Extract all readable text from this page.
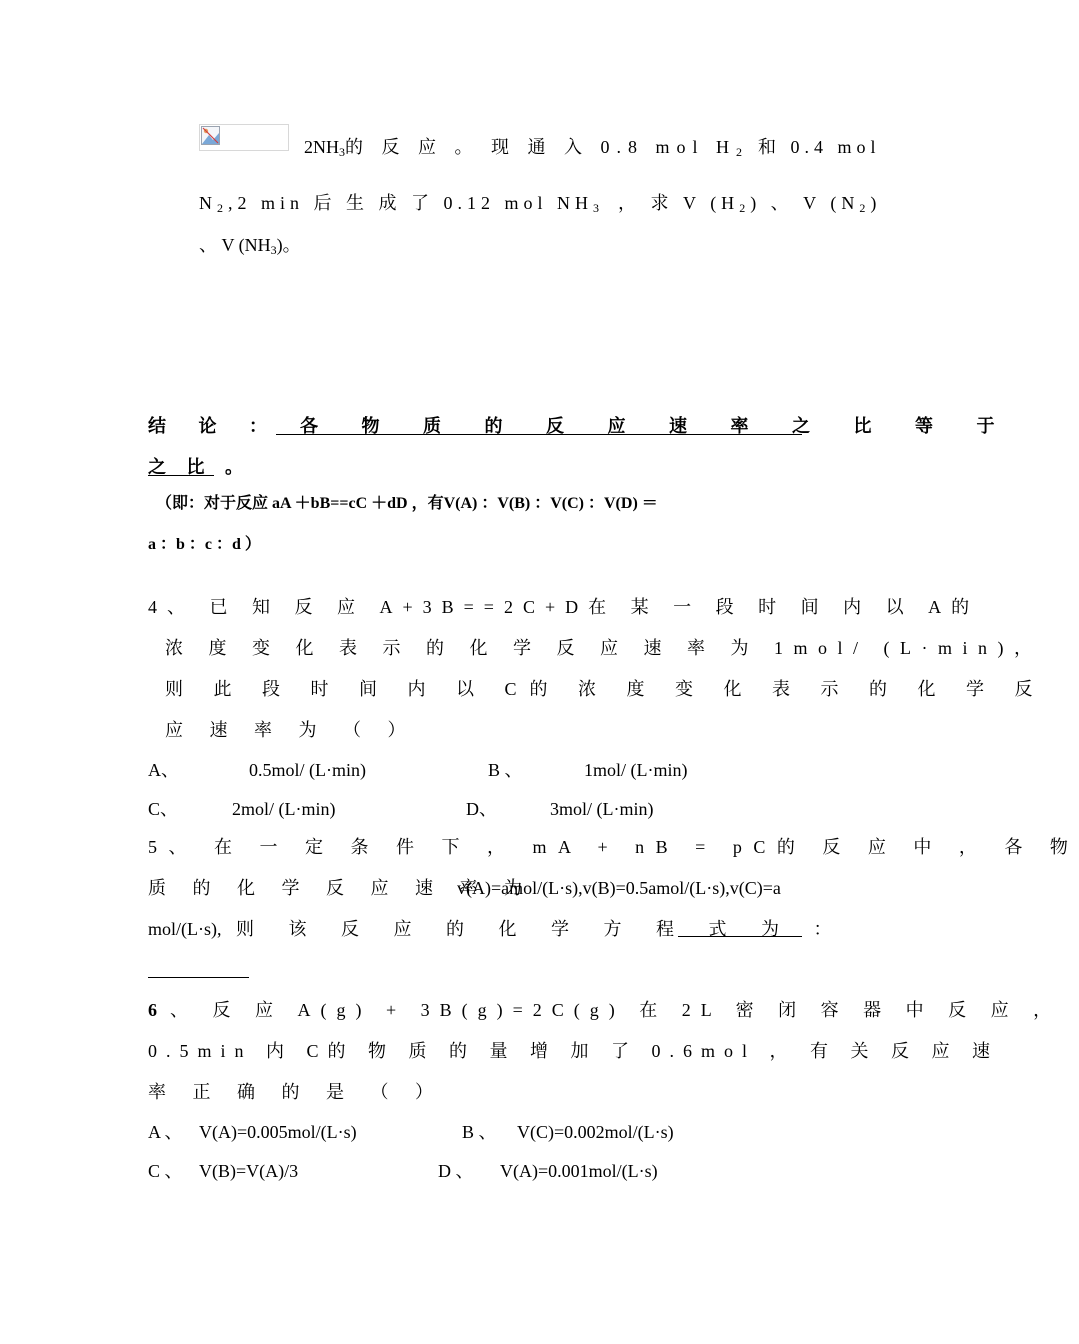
$2NH_3$的 反 应 。 现 通 入 0.8 mol $H_2$ 和 0.4 mol
$N_2,2$ min 后 生 成 了 0.12 mol $NH_3$ ， 求 V $(H_2)$ 、 V $(N_2)$
、 V $(NH_3)$。
结 论 ： 各 物 质 的 反 应 速 率 之 比 等 于
之 比 。
（即：对于反应 aA ＋bB==cC ＋dD ，有V(A) ：V(B) ：V(C) ：V(D) ＝
a ：b ：c ：d ）
4、 已 知 反 应 A+3B==2C+D在 某 一 段 时 间 内 以 A的
浓 度 变 化 表 示 的 化 学 反 应 速 率 为 1mol/ (L·min)，
则 此 段 时 间 内 以 C的 浓 度 变 化 表 示 的 化 学 反
应 速 率 为 （ ）
A、	0.5mol/ (L·min)	B 、	1mol/ (L·min)
C、	2mol/ (L·min)	D、	3mol/ (L·min)
5、 在 一 定 条 件 下 ， mA + nB = pC的 反 应 中 ， 各 物
质 的 化 学 反 应 速 率 为
v(A)=amol/(L·s),v(B)=0.5amol/(L·s),v(C)=a
mol/(L·s), 则 该 反 应 的 化 学 方 程 式 为 ：
6 、 反 应 A(g) + 3B(g)=2C(g) 在 2L 密 闭 容 器 中 反 应 ，
0.5min 内 C的 物 质 的 量 增 加 了 0.6mol ， 有 关 反 应 速
率 正 确 的 是 （ ）
A 、 V(A)=0.005mol/(L·s)	B 、 V(C)=0.002mol/(L·s)
C 、 V(B)=V(A)/3	D 、 V(A)=0.001mol/(L·s)
